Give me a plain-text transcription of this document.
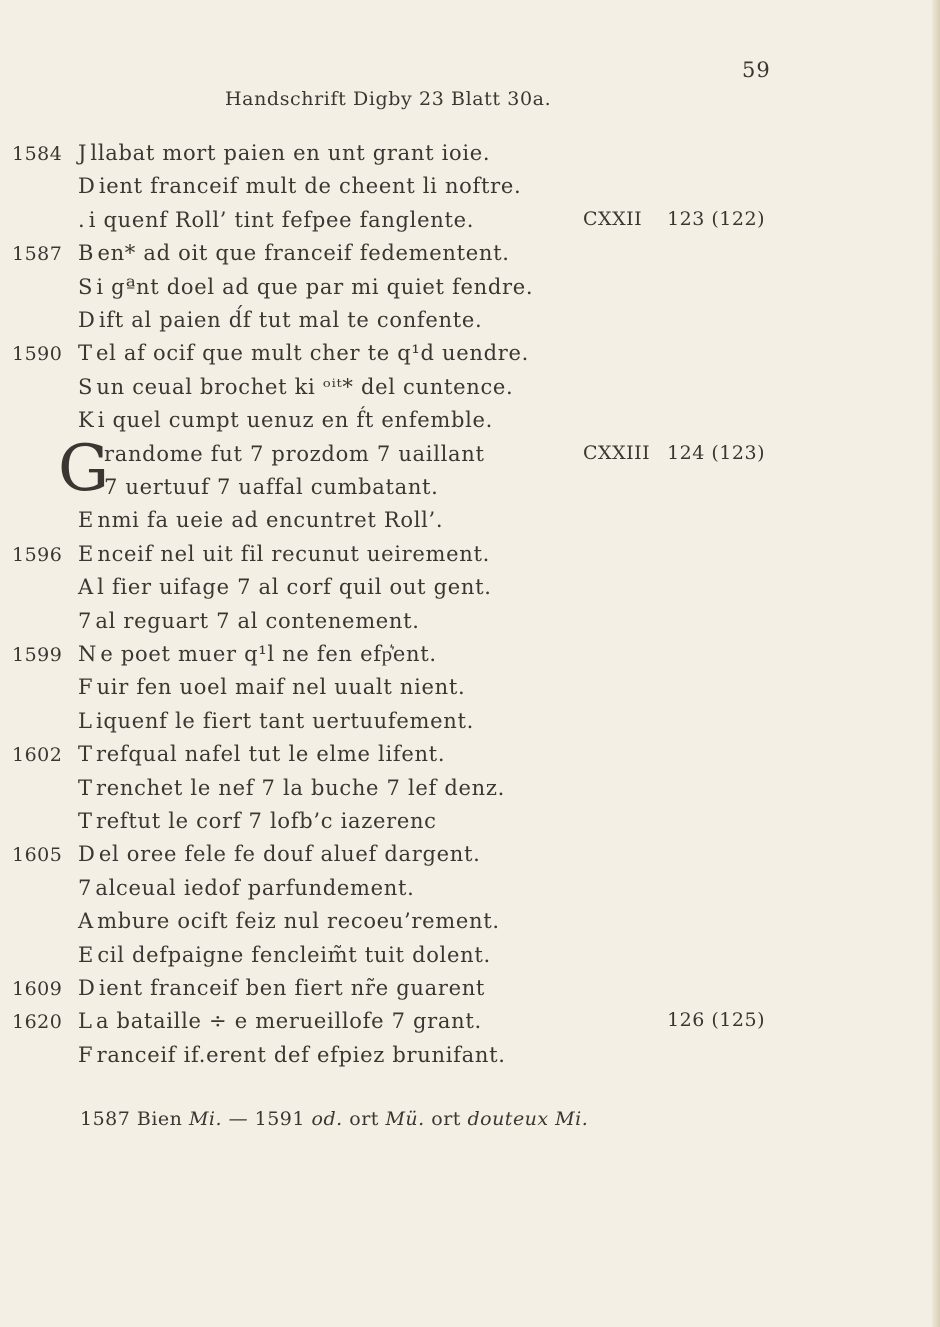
59
Handschrift Digby 23 Blatt 30a.
G
1584 Jllabat mort paien en unt grant ioie.
Dient franceif mult de cheent li noftre.
.i quenf Roll’ tint fefpee fanglente.	CXXII 123 (122)
1587 Ben* ad oit que franceif fedementent.
Si gªnt doel ad que par mi quiet fendre.
Dift al paien d́f tut mal te confente.
1590 Tel af ocif que mult cher te q¹d uendre.
Sun ceual brochet ki ᵒⁱᵗ* del cuntence.
Ki quel cumpt uenuz en f́t enfemble.
randome fut 7 prozdom 7 uaillant	CXXIII 124 (123)
7 uertuuf 7 uaffal cumbatant.
Enmi fa ueie ad encuntret Roll’.
1596 Enceif nel uit fil recunut ueirement.
Al fier uifage 7 al corf quil out gent.
7al reguart 7 al contenement.
1599 Ne poet muer q¹l ne fen efp͛ent.
Fuir fen uoel maif nel uualt nient.
Liquenf le fiert tant uertuufement.
1602 Trefqual nafel tut le elme lifent.
Trenchet le nef 7 la buche 7 lef denz.
Treftut le corf 7 lofb’c iazerenc
1605 Del oree fele fe douf aluef dargent.
7alceual iedof parfundement.
Ambure ocift feiz nul recoeu’rement.
Ecil defpaigne fencleim̃t tuit dolent.
1609 Dient franceif ben fiert nr̃e guarent
1620 La bataille ÷ e merueillofe 7 grant.	126 (125)
Franceif if.erent def efpiez brunifant.
1587 Bien Mi. — 1591 od. ort Mü. ort douteux Mi.
